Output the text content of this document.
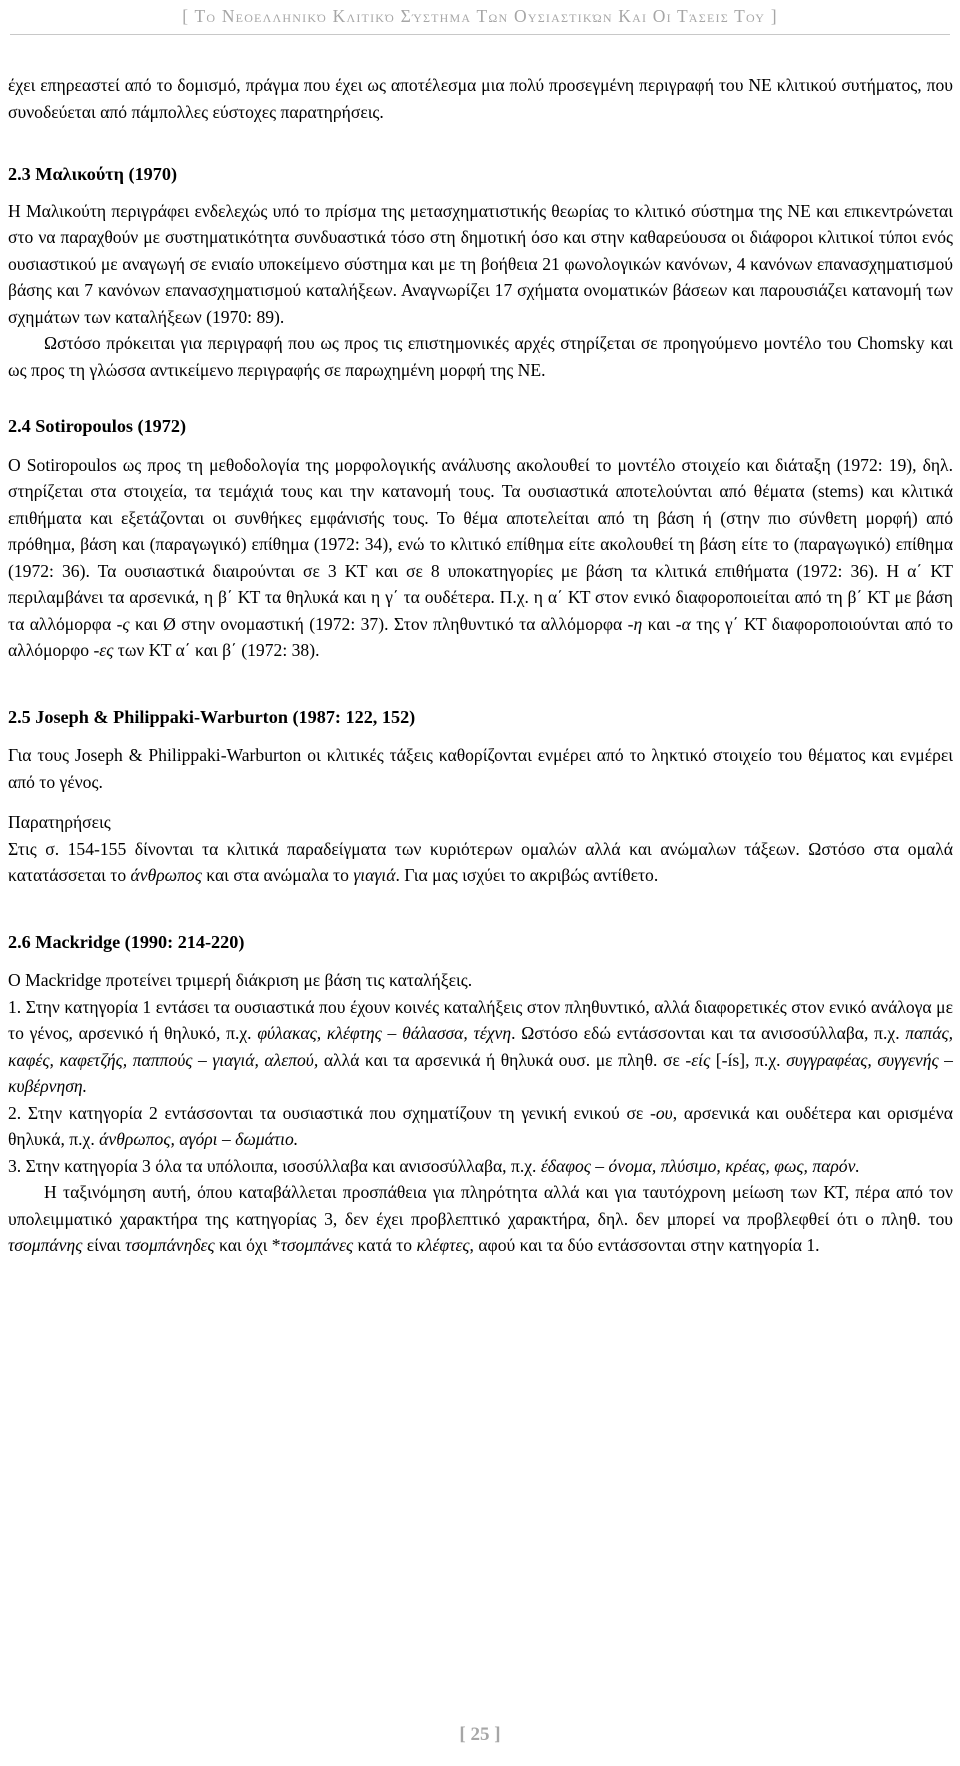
[ Το Νεοελληνικό Κλιτικό Σύστημα Των Ουσιαστικών Και Οι Τάσεις Του ]

έχει επηρεαστεί από το δομισμό, πράγμα που έχει ως αποτέλεσμα μια πολύ προσεγμένη περιγραφή του ΝΕ κλιτικού συτήματος, που συνοδεύεται από πάμπολλες εύστοχες παρατηρήσεις.

2.3 Μαλικούτη (1970)

Η Μαλικούτη περιγράφει ενδελεχώς υπό το πρίσμα της μετασχηματιστικής θεωρίας το κλιτικό σύστημα της ΝΕ και επικεντρώνεται στο να παραχθούν με συστηματικότητα συνδυαστικά τόσο στη δημοτική όσο και στην καθαρεύουσα οι διάφοροι κλιτικοί τύποι ενός ουσιαστικού με αναγωγή σε ενιαίο υποκείμενο σύστημα και με τη βοήθεια 21 φωνολογικών κανόνων, 4 κανόνων επανασχηματισμού βάσης και 7 κανόνων επανασχηματισμού καταλήξεων. Αναγνωρίζει 17 σχήματα ονοματικών βάσεων και παρουσιάζει κατανομή των σχημάτων των καταλήξεων (1970: 89).

Ωστόσο πρόκειται για περιγραφή που ως προς τις επιστημονικές αρχές στηρίζεται σε προηγούμενο μοντέλο του Chomsky και ως προς τη γλώσσα αντικείμενο περιγραφής σε παρωχημένη μορφή της ΝΕ.

2.4 Sotiropoulos (1972)

Ο Sotiropoulos ως προς τη μεθοδολογία της μορφολογικής ανάλυσης ακολουθεί το μοντέλο στοιχείο και διάταξη (1972: 19), δηλ. στηρίζεται στα στοιχεία, τα τεμάχιά τους και την κατανομή τους. Τα ουσιαστικά αποτελούνται από θέματα (stems) και κλιτικά επιθήματα και εξετάζονται οι συνθήκες εμφάνισής τους. Το θέμα αποτελείται από τη βάση ή (στην πιο σύνθετη μορφή) από πρόθημα, βάση και (παραγωγικό) επίθημα (1972: 34), ενώ το κλιτικό επίθημα είτε ακολουθεί τη βάση είτε το (παραγωγικό) επίθημα (1972: 36). Τα ουσιαστικά διαιρούνται σε 3 ΚΤ και σε 8 υποκατηγορίες με βάση τα κλιτικά επιθήματα (1972: 36). Η α΄ ΚΤ περιλαμβάνει τα αρσενικά, η β΄ ΚΤ τα θηλυκά και η γ΄ τα ουδέτερα. Π.χ. η α΄ ΚΤ στον ενικό διαφοροποιείται από τη β΄ ΚΤ με βάση τα αλλόμορφα -ς και Ø στην ονομαστική (1972: 37). Στον πληθυντικό τα αλλόμορφα -η και -α της γ΄ ΚΤ διαφοροποιούνται από το αλλόμορφο -ες των ΚΤ α΄ και β΄ (1972: 38).

2.5 Joseph & Philippaki-Warburton (1987: 122, 152)

Για τους Joseph & Philippaki-Warburton οι κλιτικές τάξεις καθορίζονται ενμέρει από το ληκτικό στοιχείο του θέματος και ενμέρει από το γένος.

Παρατηρήσεις

Στις σ. 154-155 δίνονται τα κλιτικά παραδείγματα των κυριότερων ομαλών αλλά και ανώμαλων τάξεων. Ωστόσο στα ομαλά κατατάσσεται το άνθρωπος και στα ανώμαλα το γιαγιά. Για μας ισχύει το ακριβώς αντίθετο.

2.6 Mackridge (1990: 214-220)

Ο Mackridge προτείνει τριμερή διάκριση με βάση τις καταλήξεις.

1. Στην κατηγορία 1 εντάσει τα ουσιαστικά που έχουν κοινές καταλήξεις στον πληθυντικό, αλλά διαφορετικές στον ενικό ανάλογα με το γένος, αρσενικό ή θηλυκό, π.χ. φύλακας, κλέφτης – θάλασσα, τέχνη. Ωστόσο εδώ εντάσσονται και τα ανισοσύλλαβα, π.χ. παπάς, καφές, καφετζής, παππούς – γιαγιά, αλεπού, αλλά και τα αρσενικά ή θηλυκά ουσ. με πληθ. σε -είς [-ís], π.χ. συγγραφέας, συγγενής – κυβέρνηση.

2. Στην κατηγορία 2 εντάσσονται τα ουσιαστικά που σχηματίζουν τη γενική ενικού σε -ου, αρσενικά και ουδέτερα και ορισμένα θηλυκά, π.χ. άνθρωπος, αγόρι – δωμάτιο.

3. Στην κατηγορία 3 όλα τα υπόλοιπα, ισοσύλλαβα και ανισοσύλλαβα, π.χ. έδαφος – όνομα, πλύσιμο, κρέας, φως, παρόν.

Η ταξινόμηση αυτή, όπου καταβάλλεται προσπάθεια για πληρότητα αλλά και για ταυτόχρονη μείωση των ΚΤ, πέρα από τον υπολειμματικό χαρακτήρα της κατηγορίας 3, δεν έχει προβλεπτικό χαρακτήρα, δηλ. δεν μπορεί να προβλεφθεί ότι ο πληθ. του τσομπάνης είναι τσομπάνηδες και όχι *τσομπάνες κατά το κλέφτες, αφού και τα δύο εντάσσονται στην κατηγορία 1.

[ 25 ]
